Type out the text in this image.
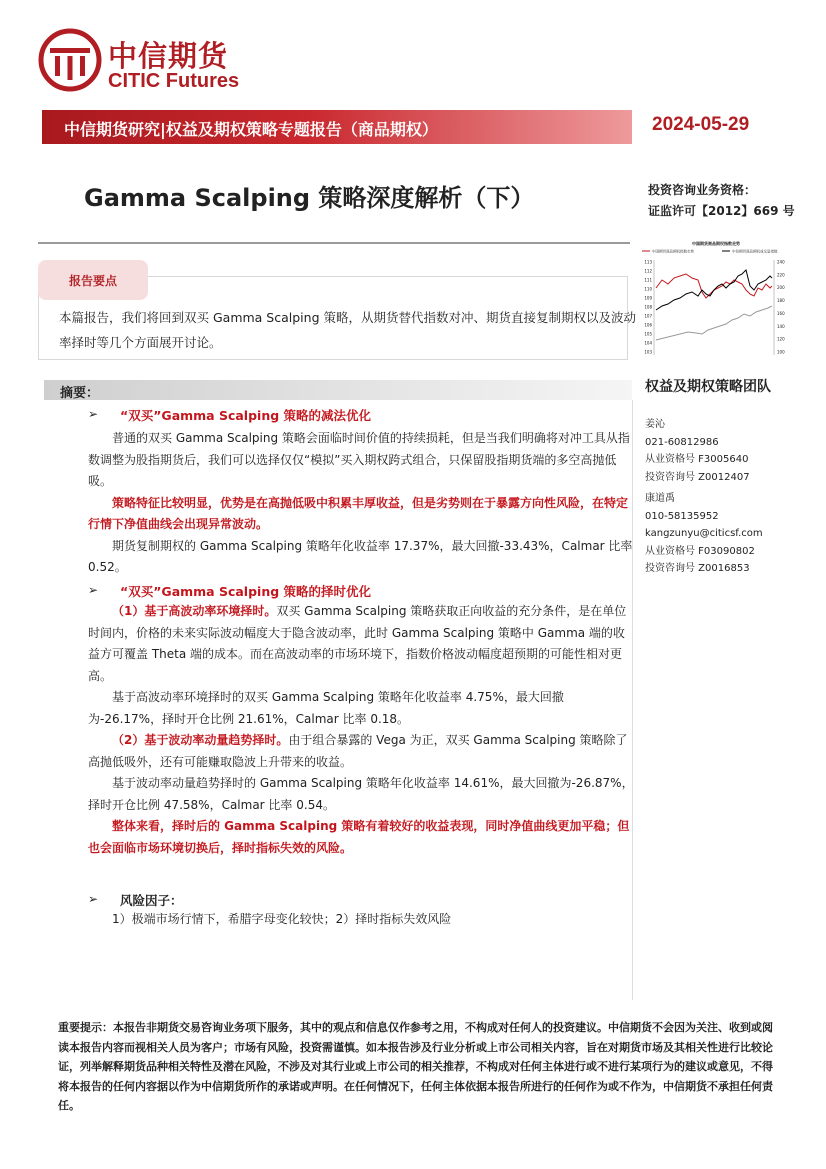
中信期货
CITIC Futures
中信期货研究|权益及期权策略专题报告（商品期权）	2024-05-29
Gamma Scalping 策略深度解析（下）	投资咨询业务资格：
证监许可【2012】669 号
中国期货商品期权指数走势
中国期货商品期权指数走势	中信期货商品期权成交量指数
103
104
105
106
107
108
109
110
111
112
113
100
120
140
160
180
200
220
240
报告要点
本篇报告，我们将回到双买 Gamma Scalping 策略，从期货替代指数对冲、期货直接复制期权以及波动率择时等几个方面展开讨论。
摘要：
➢ “双买”Gamma Scalping 策略的减法优化

普通的双买 Gamma Scalping 策略会面临时间价值的持续损耗，但是当我们明确将对冲工具从指数调整为股指期货后，我们可以选择仅仅“模拟”买入期权跨式组合，只保留股指期货端的多空高抛低吸。

策略特征比较明显，优势是在高抛低吸中积累丰厚收益，但是劣势则在于暴露方向性风险，在特定行情下净值曲线会出现异常波动。

期货复制期权的 Gamma Scalping 策略年化收益率 17.37%，最大回撤-33.43%，Calmar 比率 0.52。

➢ “双买”Gamma Scalping 策略的择时优化

（1）基于高波动率环境择时。双买 Gamma Scalping 策略获取正向收益的充分条件，是在单位时间内，价格的未来实际波动幅度大于隐含波动率，此时 Gamma Scalping 策略中 Gamma 端的收益方可覆盖 Theta 端的成本。而在高波动率的市场环境下，指数价格波动幅度超预期的可能性相对更高。

基于高波动率环境择时的双买 Gamma Scalping 策略年化收益率 4.75%，最大回撤为-26.17%，择时开仓比例 21.61%，Calmar 比率 0.18。

（2）基于波动率动量趋势择时。由于组合暴露的 Vega 为正，双买 Gamma Scalping 策略除了高抛低吸外，还有可能赚取隐波上升带来的收益。

基于波动率动量趋势择时的 Gamma Scalping 策略年化收益率 14.61%，最大回撤为-26.87%，择时开仓比例 47.58%，Calmar 比率 0.54。

整体来看，择时后的 Gamma Scalping 策略有着较好的收益表现，同时净值曲线更加平稳；但也会面临市场环境切换后，择时指标失效的风险。

➢ 风险因子：
1）极端市场行情下，希腊字母变化较快；2）择时指标失效风险
权益及期权策略团队
姜沁
021-60812986
从业资格号 F3005640
投资咨询号 Z0012407
康道禹
010-58135952
kangzunyu@citicsf.com
从业资格号 F03090802
投资咨询号 Z0016853
重要提示：本报告非期货交易咨询业务项下服务，其中的观点和信息仅作参考之用，不构成对任何人的投资建议。中信期货不会因为关注、收到或阅读本报告内容而视相关人员为客户；市场有风险，投资需谨慎。如本报告涉及行业分析或上市公司相关内容，旨在对期货市场及其相关性进行比较论证，列举解释期货品种相关特性及潜在风险，不涉及对其行业或上市公司的相关推荐，不构成对任何主体进行或不进行某项行为的建议或意见，不得将本报告的任何内容据以作为中信期货所作的承诺或声明。在任何情况下，任何主体依据本报告所进行的任何作为或不作为，中信期货不承担任何责任。
